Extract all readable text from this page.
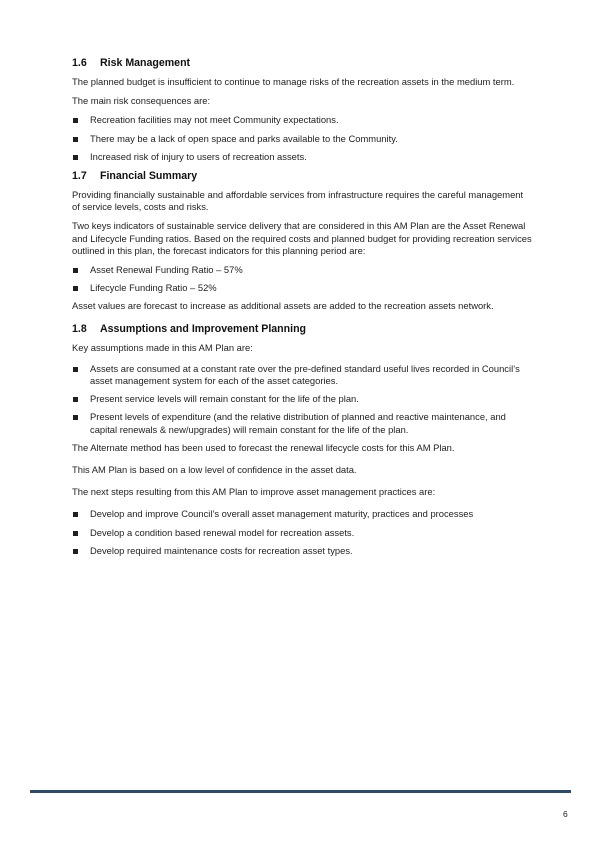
1.6 Risk Management

The planned budget is insufficient to continue to manage risks of the recreation assets in the medium term.

The main risk consequences are:

Recreation facilities may not meet Community expectations.
There may be a lack of open space and parks available to the Community.
Increased risk of injury to users of recreation assets.
1.7 Financial Summary

Providing financially sustainable and affordable services from infrastructure requires the careful management of service levels, costs and risks.

Two keys indicators of sustainable service delivery that are considered in this AM Plan are the Asset Renewal and Lifecycle Funding ratios. Based on the required costs and planned budget for providing recreation services outlined in this plan, the forecast indicators for this planning period are:

Asset Renewal Funding Ratio – 57%
Lifecycle Funding Ratio – 52%

Asset values are forecast to increase as additional assets are added to the recreation assets network.

1.8 Assumptions and Improvement Planning

Key assumptions made in this AM Plan are:

Assets are consumed at a constant rate over the pre-defined standard useful lives recorded in Council’s asset management system for each of the asset categories.
Present service levels will remain constant for the life of the plan.
Present levels of expenditure (and the relative distribution of planned and reactive maintenance, and capital renewals & new/upgrades) will remain constant for the life of the plan.

The Alternate method has been used to forecast the renewal lifecycle costs for this AM Plan.

This AM Plan is based on a low level of confidence in the asset data.

The next steps resulting from this AM Plan to improve asset management practices are:

Develop and improve Council’s overall asset management maturity, practices and processes
Develop a condition based renewal model for recreation assets.
Develop required maintenance costs for recreation asset types.
6
